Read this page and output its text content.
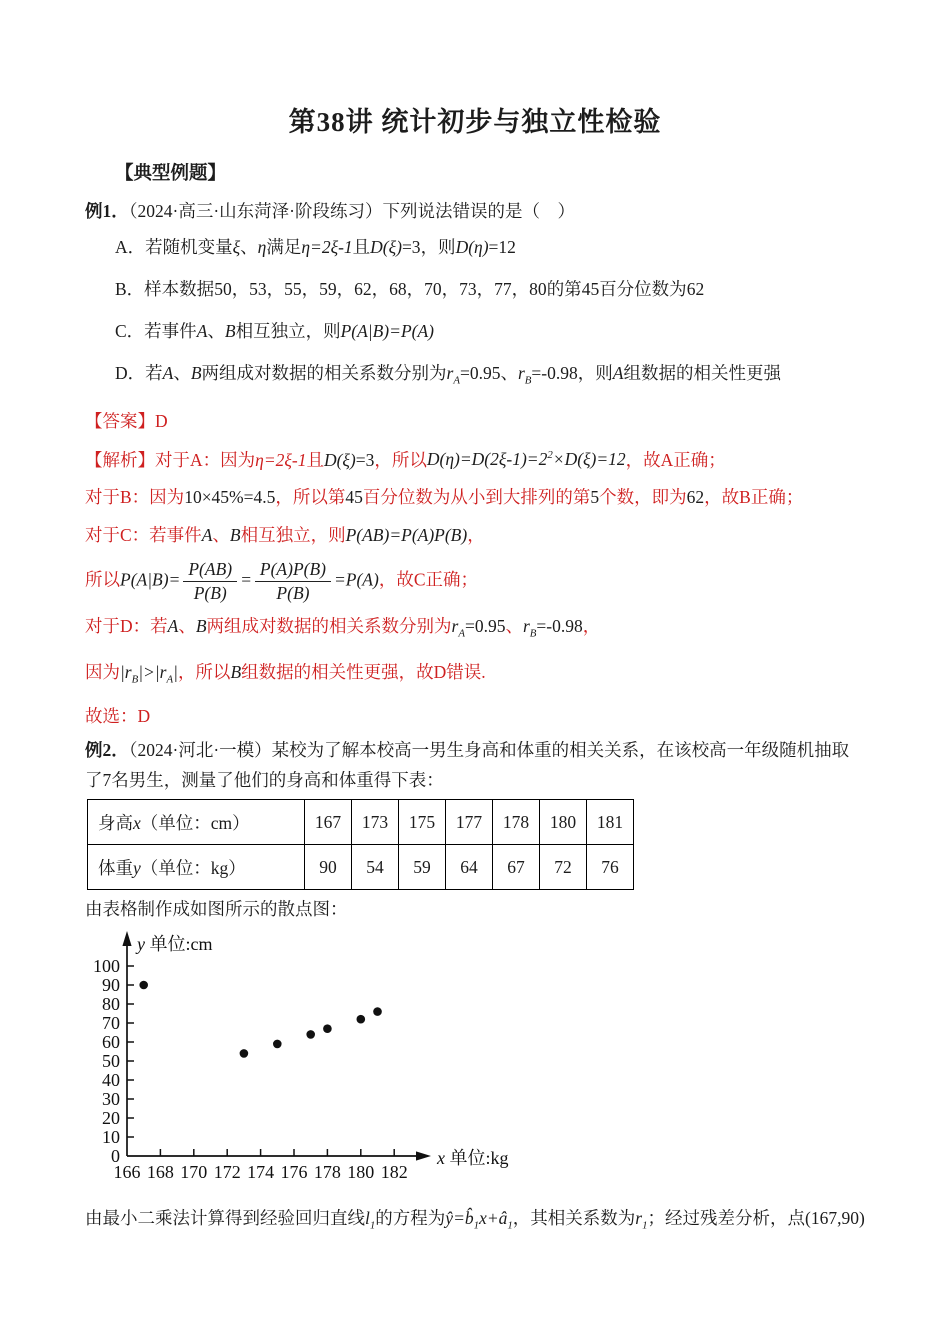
第38讲 统计初步与独立性检验
【典型例题】

例1．（2024·高三·山东菏泽·阶段练习）下列说法错误的是（　）

A．若随机变量ξ、η满足η=2ξ-1且D(ξ)=3，则D(η)=12

B．样本数据50，53，55，59，62，68，70，73，77，80的第45百分位数为62

C．若事件A、B相互独立，则P(A|B)=P(A)

D．若A、B两组成对数据的相关系数分别为$r_A=0.95$、$r_B=-0.98$，则A组数据的相关性更强

【答案】D

【解析】对于A：因为η=2ξ-1且D(ξ)=3，所以$D(\eta)=D(2\xi-1)=2^2\times D(\xi)=12$，故A正确；

对于B：因为10×45%=4.5，所以第45百分位数为从小到大排列的第5个数，即为62，故B正确；

对于C：若事件A、B相互独立，则P(AB)=P(A)P(B)，

所以$P(A|B)= \frac{P(AB)}{P(B)} = \frac{P(A)P(B)}{P(B)} =P(A)$，故C正确；

对于D：若A、B两组成对数据的相关系数分别为$r_A=0.95$、$r_B=-0.98$，

因为$|r_B|>|r_A|$，所以B组数据的相关性更强，故D错误.

故选：D

例2．（2024·河北·一模）某校为了解本校高一男生身高和体重的相关关系，在该校高一年级随机抽取了7名男生，测量了他们的身高和体重得下表：

身高x（单位：cm）	167	173	175	177	178	180	181
体重y（单位：kg）	90	54	59	64	67	72	76

由表格制作成如图所示的散点图：

166 168 170 172 174 176 178 180 182
0
10
20
30
40
50
60
70
80
90
100
y 单位:cm
x 单位:kg

由最小二乘法计算得到经验回归直线$l_1$的方程为$ŷ=b̂_1x+â_1$，其相关系数为$r_1$；经过残差分析，点(167,90)
